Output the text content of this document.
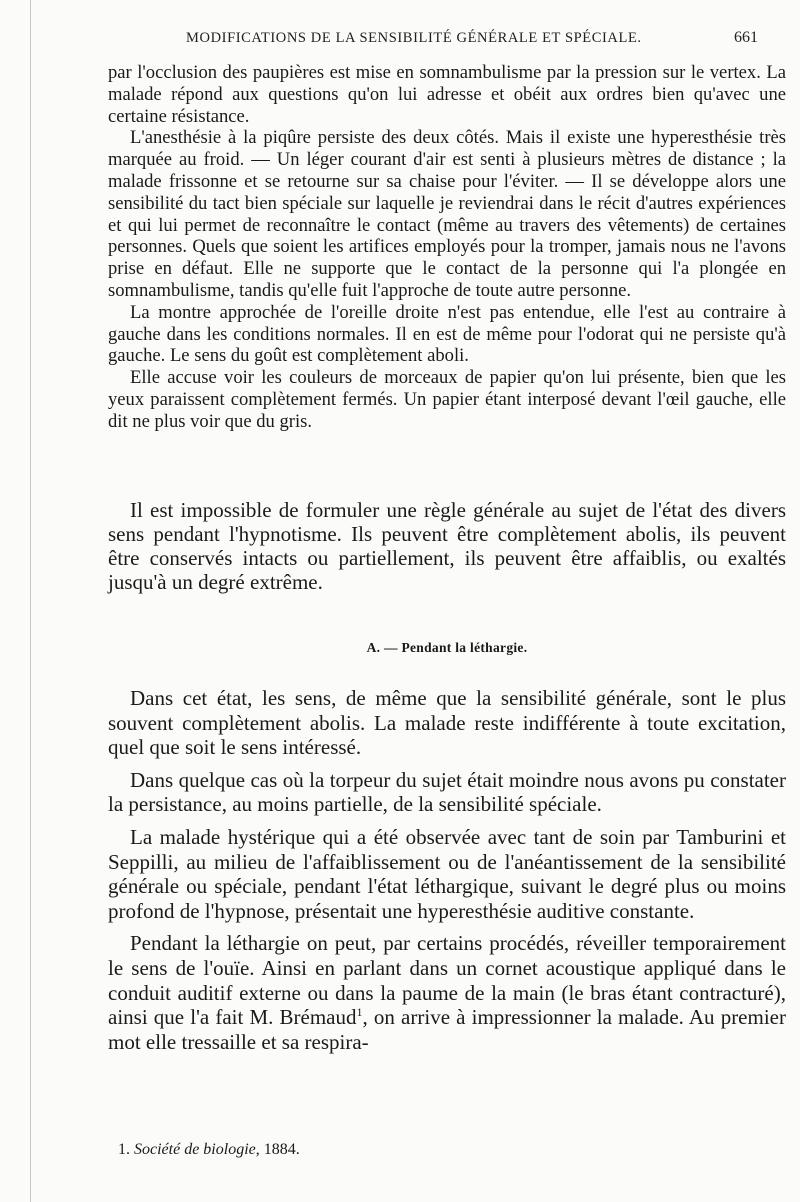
MODIFICATIONS DE LA SENSIBILITÉ GÉNÉRALE ET SPÉCIALE.	661

par l'occlusion des paupières est mise en somnambulisme par la pression sur le vertex. La malade répond aux questions qu'on lui adresse et obéit aux ordres bien qu'avec une certaine résistance.

L'anesthésie à la piqûre persiste des deux côtés. Mais il existe une hyperesthésie très marquée au froid. — Un léger courant d'air est senti à plusieurs mètres de distance ; la malade frissonne et se retourne sur sa chaise pour l'éviter. — Il se développe alors une sensibilité du tact bien spéciale sur laquelle je reviendrai dans le récit d'autres expériences et qui lui permet de reconnaître le contact (même au travers des vêtements) de certaines personnes. Quels que soient les artifices employés pour la tromper, jamais nous ne l'avons prise en défaut. Elle ne supporte que le contact de la personne qui l'a plongée en somnambulisme, tandis qu'elle fuit l'approche de toute autre personne.

La montre approchée de l'oreille droite n'est pas entendue, elle l'est au contraire à gauche dans les conditions normales. Il en est de même pour l'odorat qui ne persiste qu'à gauche. Le sens du goût est complètement aboli.

Elle accuse voir les couleurs de morceaux de papier qu'on lui présente, bien que les yeux paraissent complètement fermés. Un papier étant interposé devant l'œil gauche, elle dit ne plus voir que du gris.

Il est impossible de formuler une règle générale au sujet de l'état des divers sens pendant l'hypnotisme. Ils peuvent être complètement abolis, ils peuvent être conservés intacts ou partiellement, ils peuvent être affaiblis, ou exaltés jusqu'à un degré extrême.

A. — Pendant la léthargie.

Dans cet état, les sens, de même que la sensibilité générale, sont le plus souvent complètement abolis. La malade reste indifférente à toute excitation, quel que soit le sens intéressé.

Dans quelque cas où la torpeur du sujet était moindre nous avons pu constater la persistance, au moins partielle, de la sensibilité spéciale.

La malade hystérique qui a été observée avec tant de soin par Tamburini et Seppilli, au milieu de l'affaiblissement ou de l'anéantissement de la sensibilité générale ou spéciale, pendant l'état léthargique, suivant le degré plus ou moins profond de l'hypnose, présentait une hyperesthésie auditive constante.

Pendant la léthargie on peut, par certains procédés, réveiller temporairement le sens de l'ouïe. Ainsi en parlant dans un cornet acoustique appliqué dans le conduit auditif externe ou dans la paume de la main (le bras étant contracturé), ainsi que l'a fait M. Brémaud$^1$, on arrive à impressionner la malade. Au premier mot elle tressaille et sa respira-

1. Société de biologie, 1884.
